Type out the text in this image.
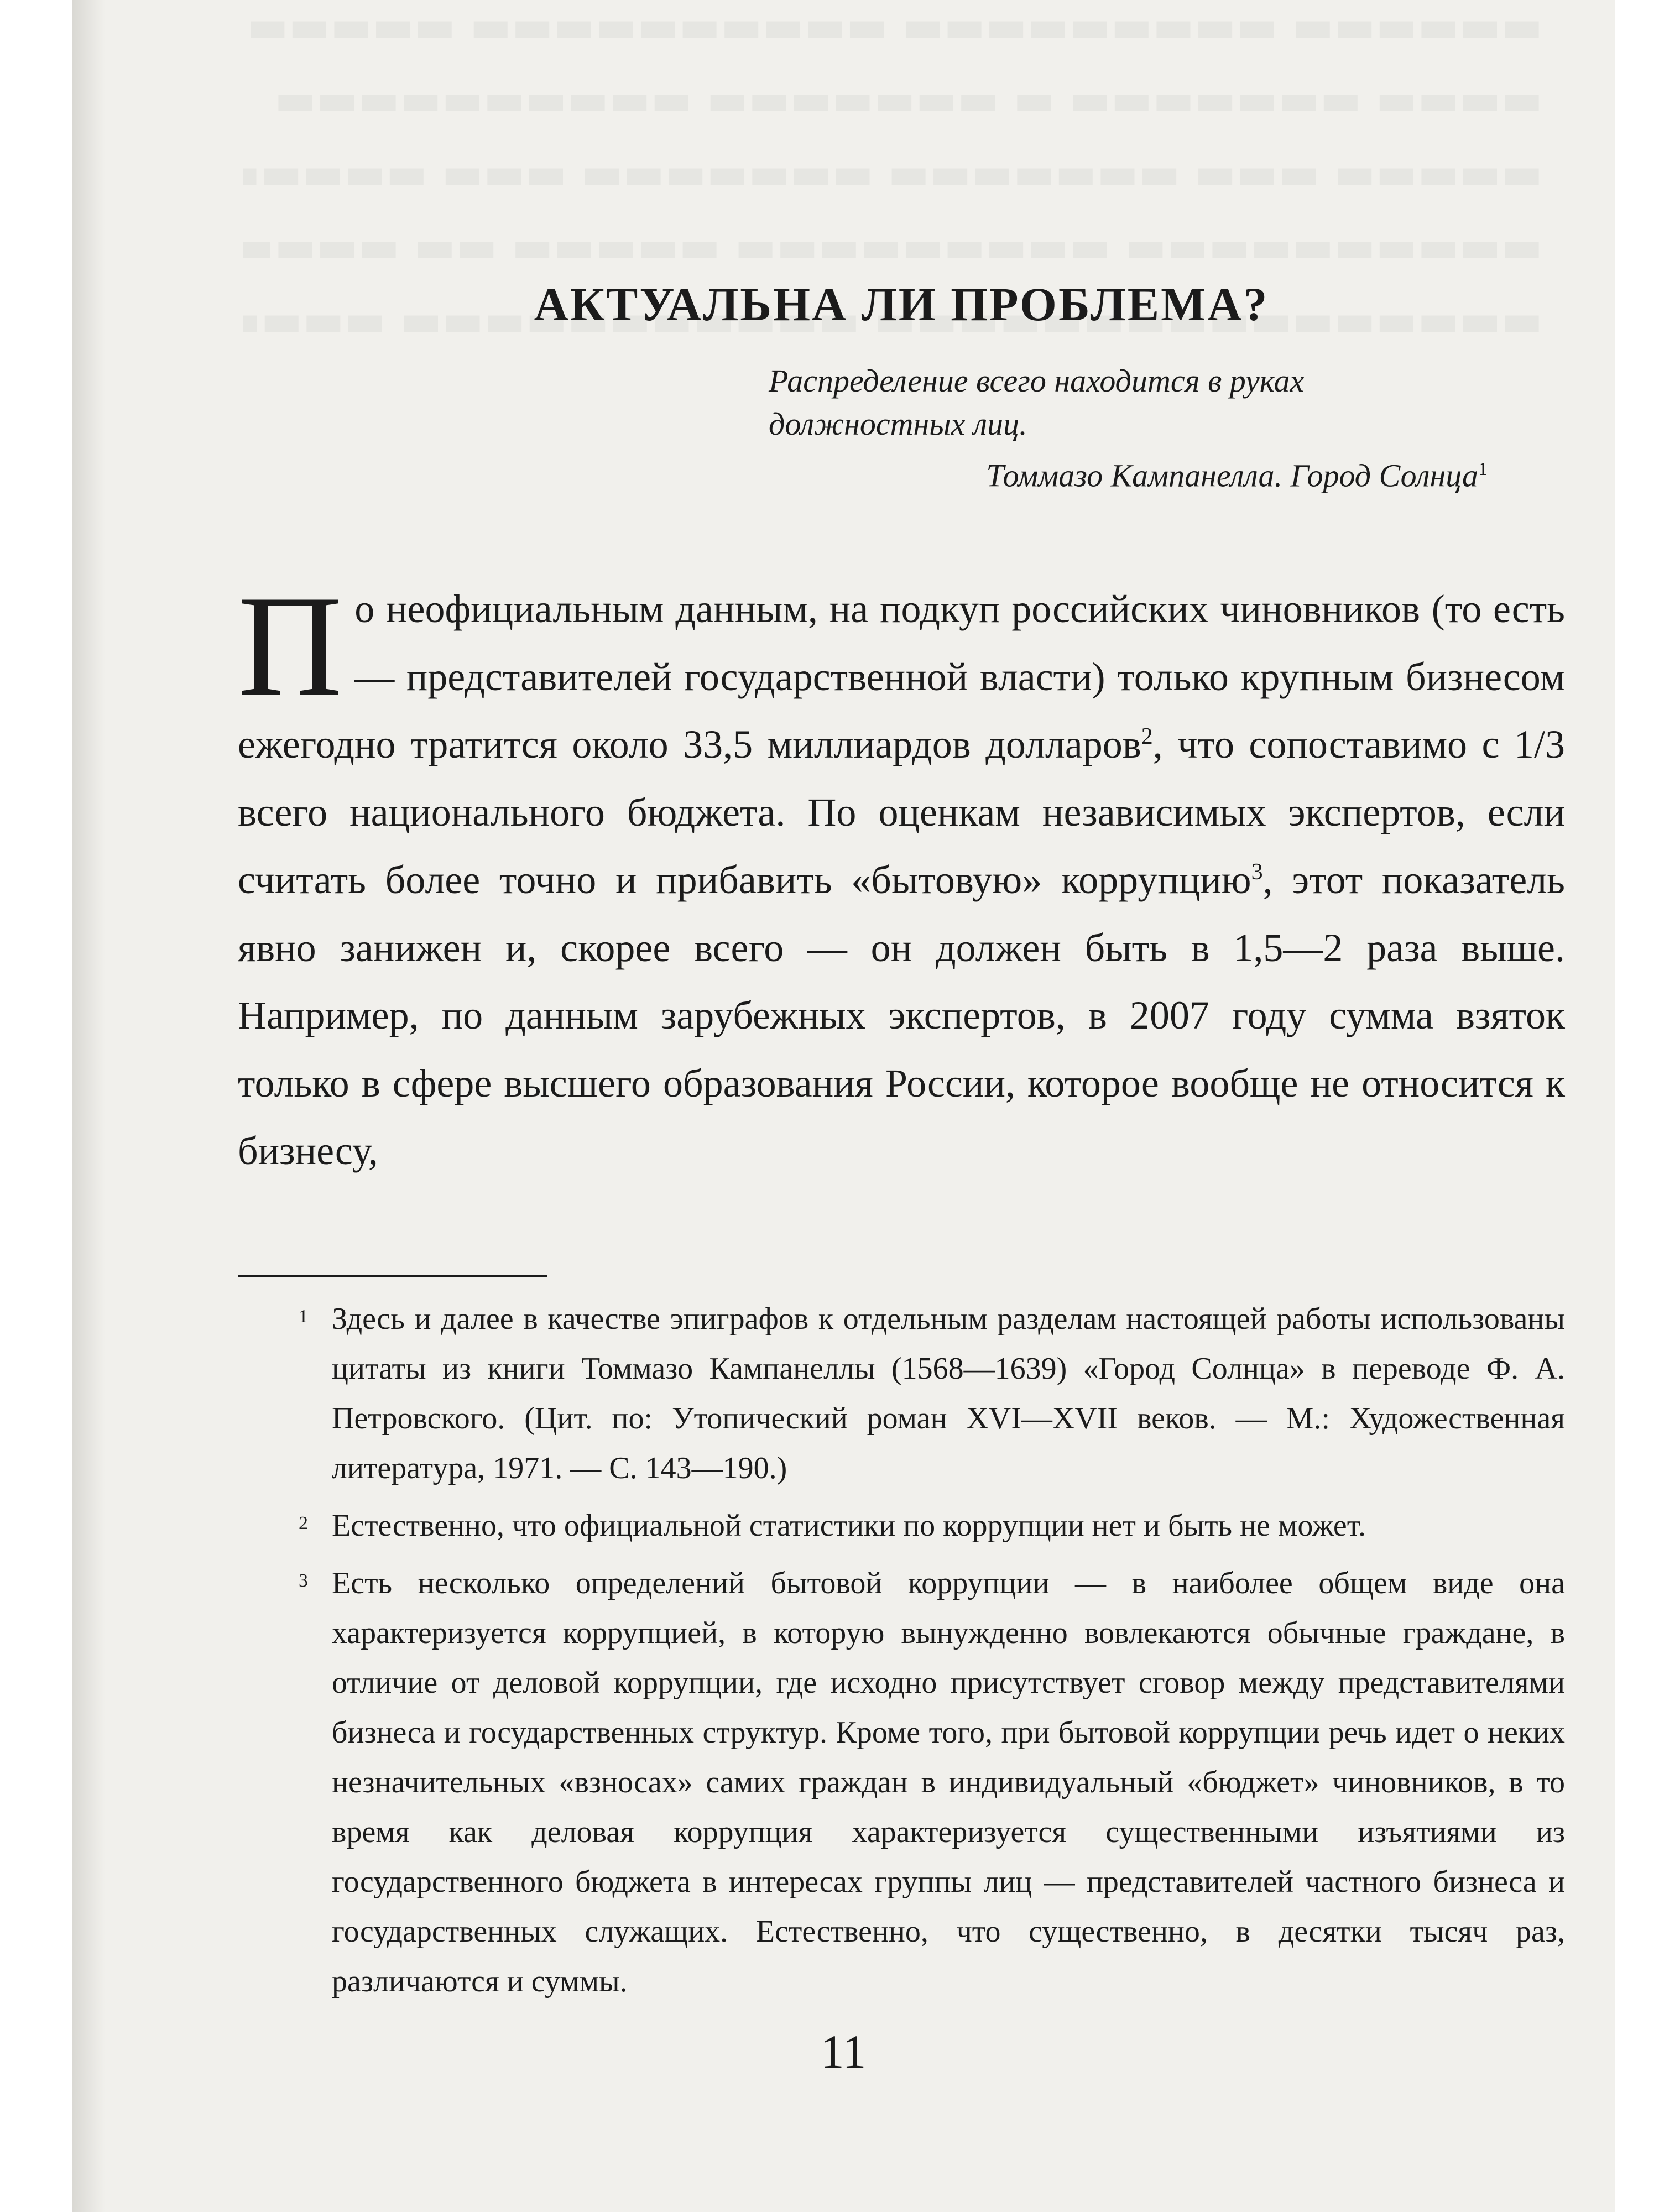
АКТУАЛЬНА ЛИ ПРОБЛЕМА?
Распределение всего находится в руках должностных лиц.
Томмазо Кампанелла. Город Солнца$^1$

По неофициальным данным, на подкуп российских чиновников (то есть — представителей государственной власти) только крупным бизнесом ежегодно тратится около 33,5 миллиардов долларов$^2$, что сопоставимо с 1/3 всего национального бюджета. По оценкам независимых экспертов, если считать более точно и прибавить «бытовую» коррупцию$^3$, этот показатель явно занижен и, скорее всего — он должен быть в 1,5—2 раза выше. Например, по данным зарубежных экспертов, в 2007 году сумма взяток только в сфере высшего образования России, которое вообще не относится к бизнесу,

1 Здесь и далее в качестве эпиграфов к отдельным разделам настоящей работы использованы цитаты из книги Томмазо Кампанеллы (1568—1639) «Город Солнца» в переводе Ф. А. Петровского. (Цит. по: Утопический роман XVI—XVII веков. — М.: Художественная литература, 1971. — С. 143—190.)

2 Естественно, что официальной статистики по коррупции нет и быть не может.

3 Есть несколько определений бытовой коррупции — в наиболее общем виде она характеризуется коррупцией, в которую вынужденно вовлекаются обычные граждане, в отличие от деловой коррупции, где исходно присутствует сговор между представителями бизнеса и государственных структур. Кроме того, при бытовой коррупции речь идет о неких незначительных «взносах» самих граждан в индивидуальный «бюджет» чиновников, в то время как деловая коррупция характеризуется существенными изъятиями из государственного бюджета в интересах группы лиц — представителей частного бизнеса и государственных служащих. Естественно, что существенно, в десятки тысяч раз, различаются и суммы.

11
